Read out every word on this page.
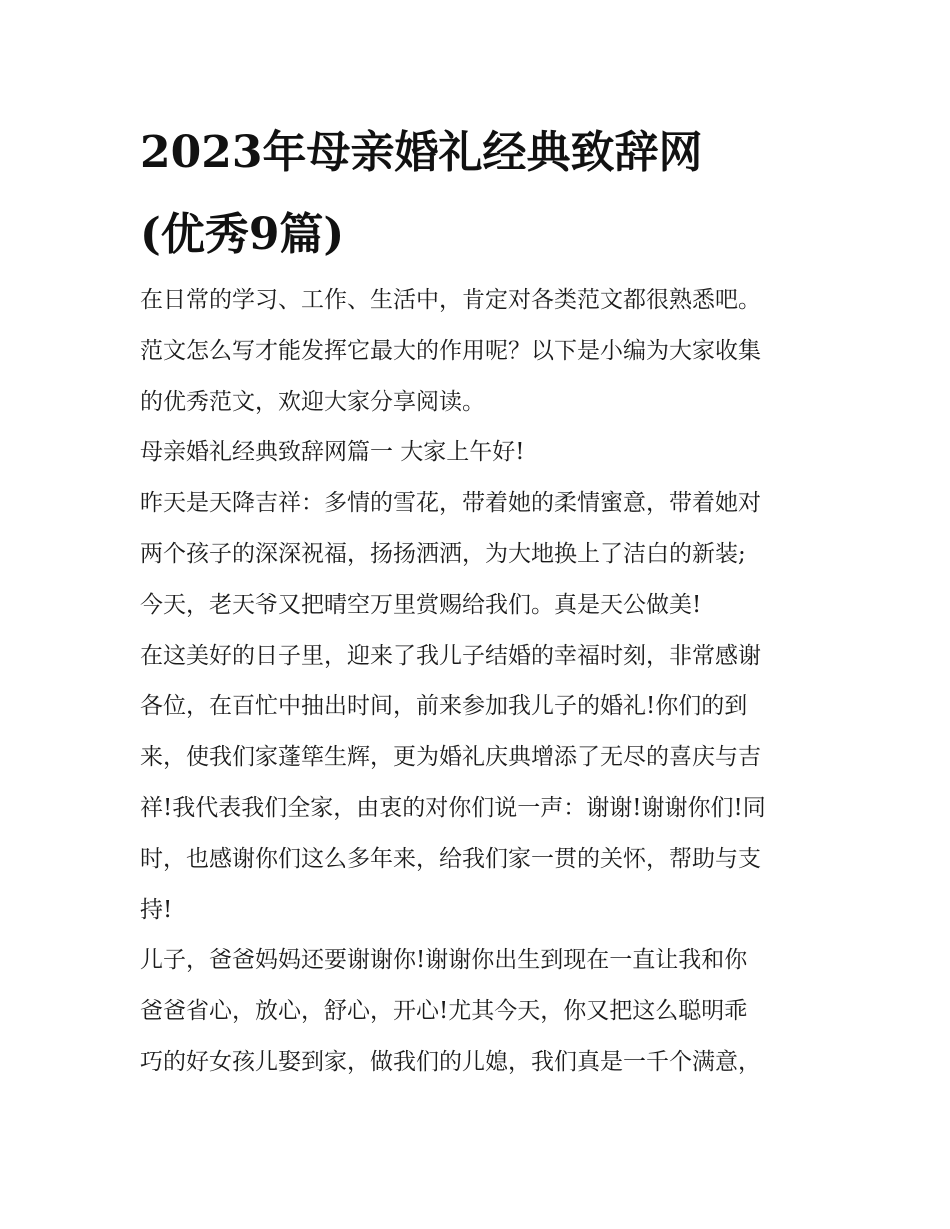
2023年母亲婚礼经典致辞网
(优秀9篇)
在日常的学习、工作、生活中，肯定对各类范文都很熟悉吧。
范文怎么写才能发挥它最大的作用呢？以下是小编为大家收集
的优秀范文，欢迎大家分享阅读。
母亲婚礼经典致辞网篇一 大家上午好!
昨天是天降吉祥：多情的雪花，带着她的柔情蜜意，带着她对
两个孩子的深深祝福，扬扬洒洒，为大地换上了洁白的新装;
今天，老天爷又把晴空万里赏赐给我们。真是天公做美!
在这美好的日子里，迎来了我儿子结婚的幸福时刻，非常感谢
各位，在百忙中抽出时间，前来参加我儿子的婚礼!你们的到
来，使我们家蓬筚生辉，更为婚礼庆典增添了无尽的喜庆与吉
祥!我代表我们全家，由衷的对你们说一声：谢谢!谢谢你们!同
时，也感谢你们这么多年来，给我们家一贯的关怀，帮助与支
持!
儿子，爸爸妈妈还要谢谢你!谢谢你出生到现在一直让我和你
爸爸省心，放心，舒心，开心!尤其今天，你又把这么聪明乖
巧的好女孩儿娶到家，做我们的儿媳，我们真是一千个满意，
